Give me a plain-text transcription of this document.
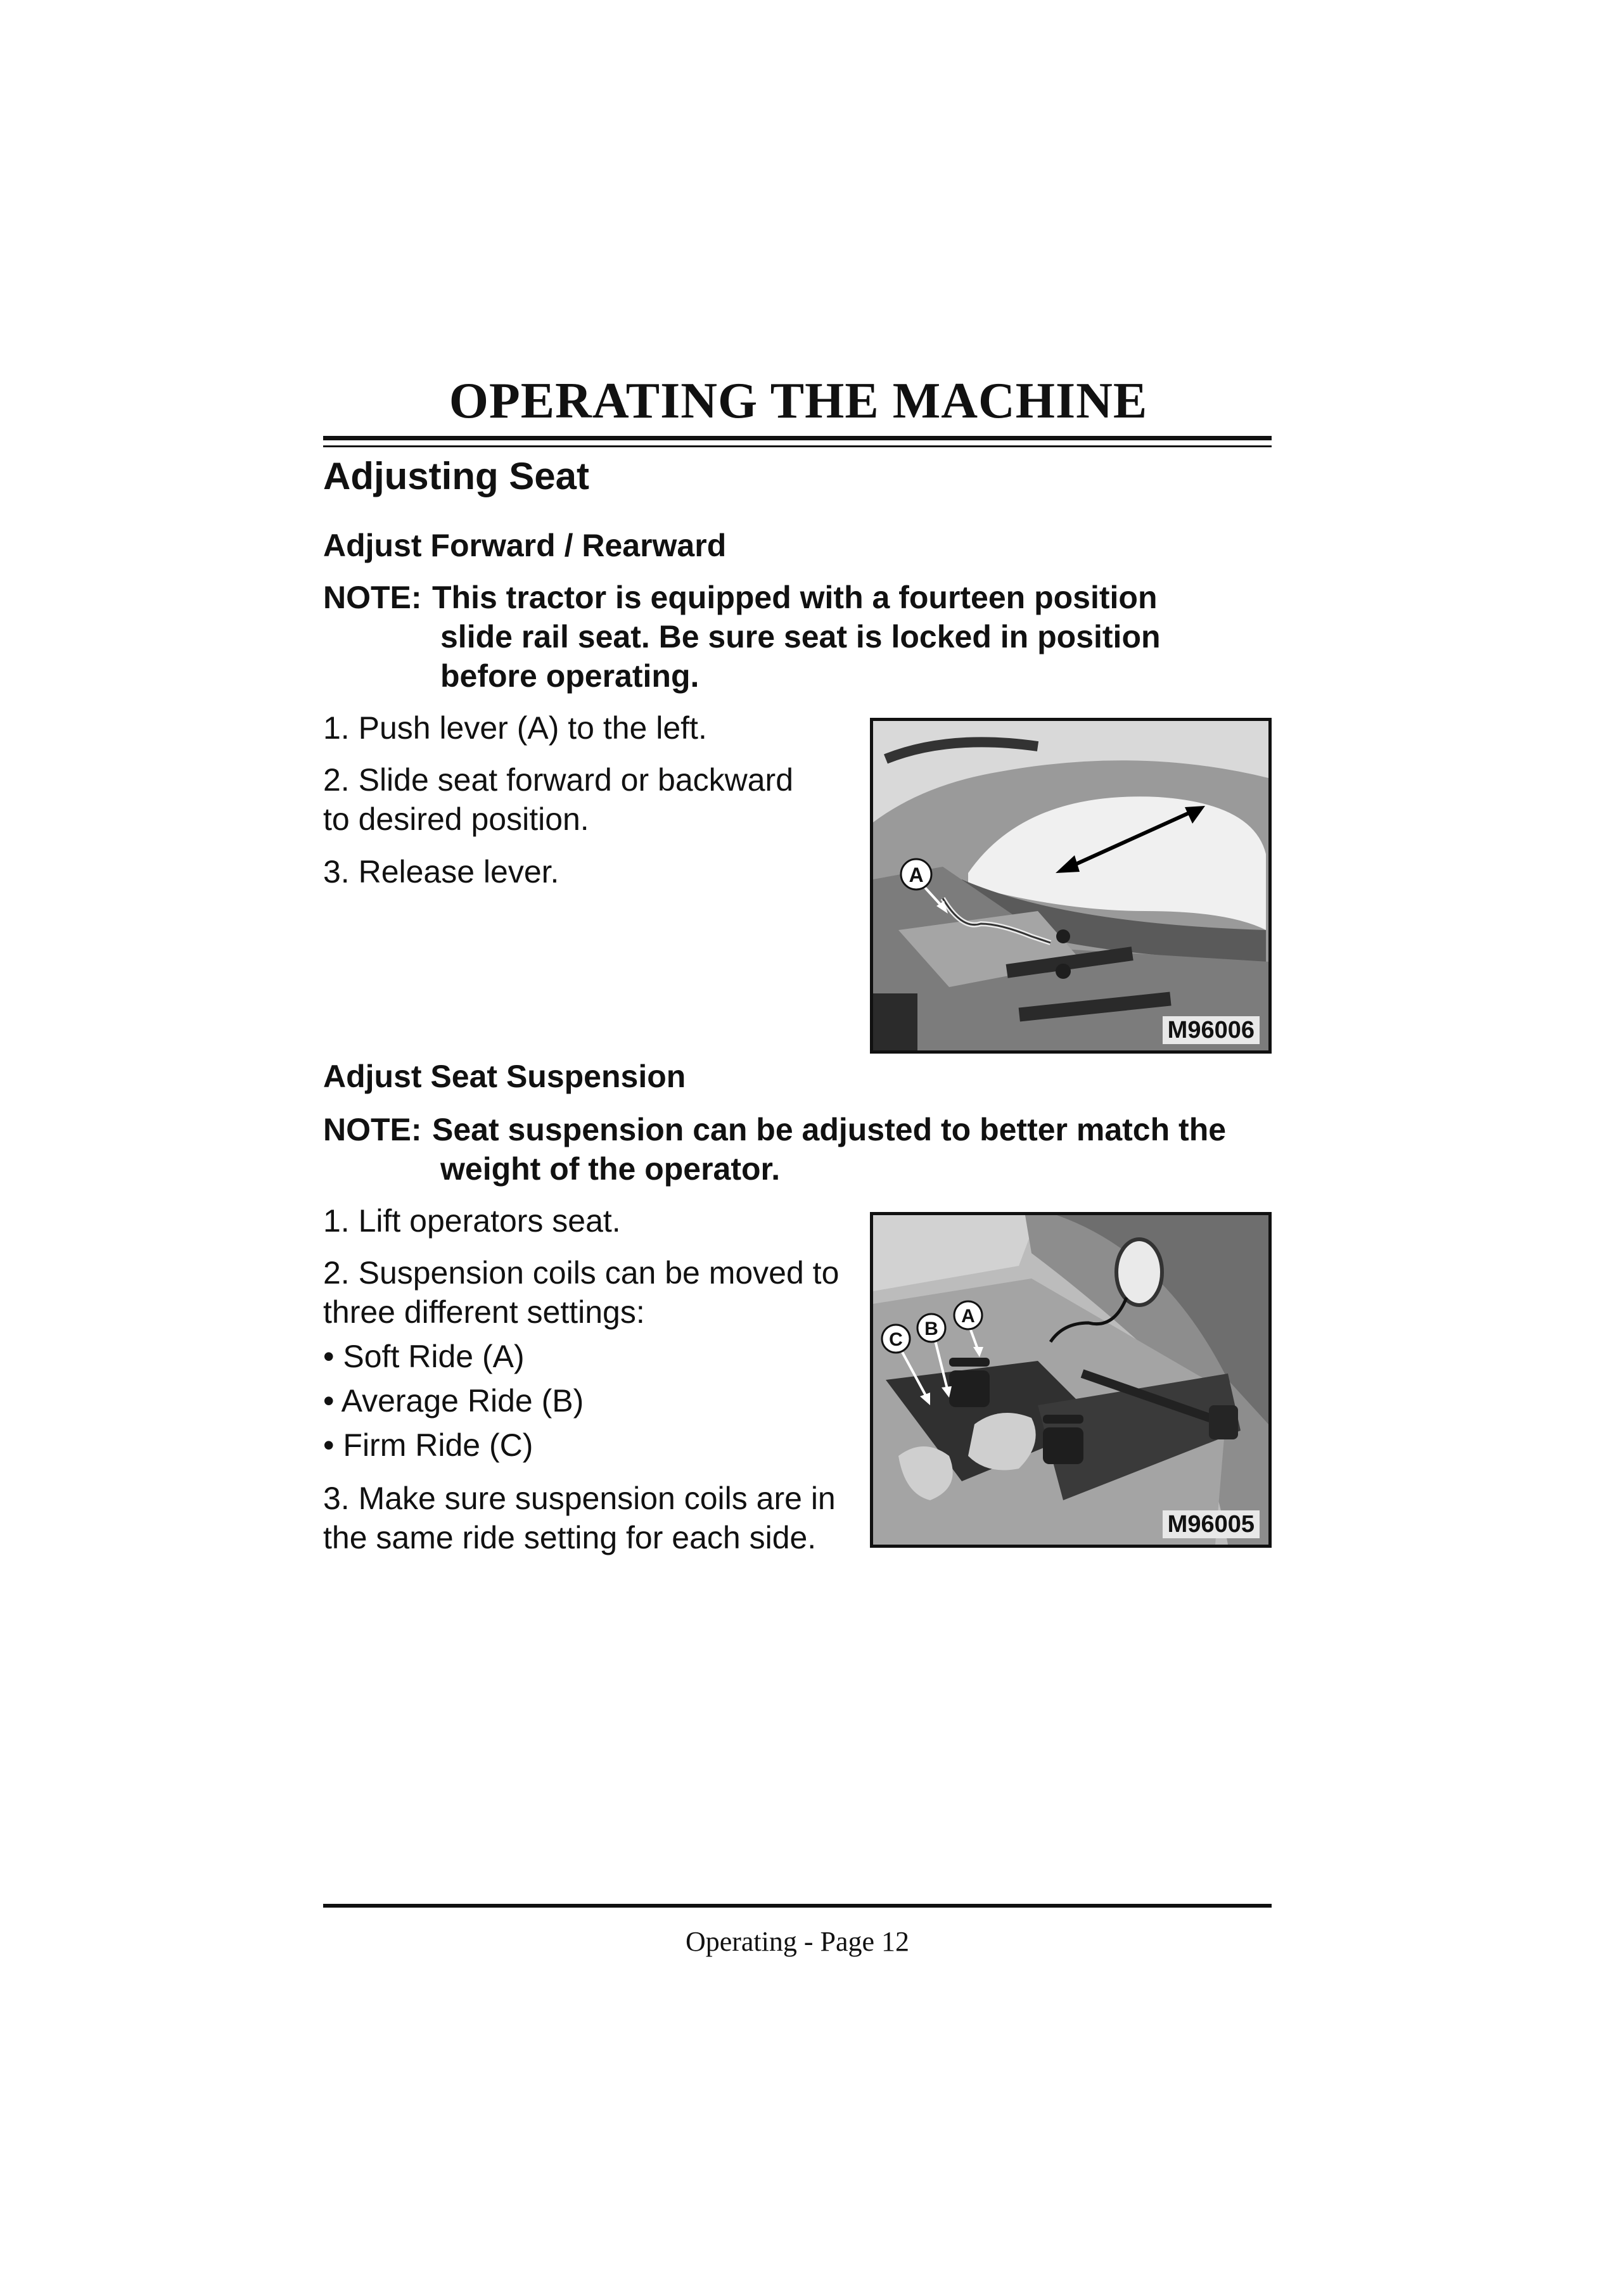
OPERATING THE MACHINE
Adjusting Seat
Adjust Forward / Rearward
NOTE: This tractor is equipped with a fourteen position
slide rail seat. Be sure seat is locked in position
before operating.
1. Push lever (A) to the left.
2. Slide seat forward or backward
to desired position.
3. Release lever.	A
M96006
Adjust Seat Suspension
NOTE: Seat suspension can be adjusted to better match the
weight of the operator.
1. Lift operators seat.
2. Suspension coils can be moved to
three different settings:
• Soft Ride (A)
• Average Ride (B)
• Firm Ride (C)
3. Make sure suspension coils are in
the same ride setting for each side.
C
B
A
M96005
Operating - Page 12
